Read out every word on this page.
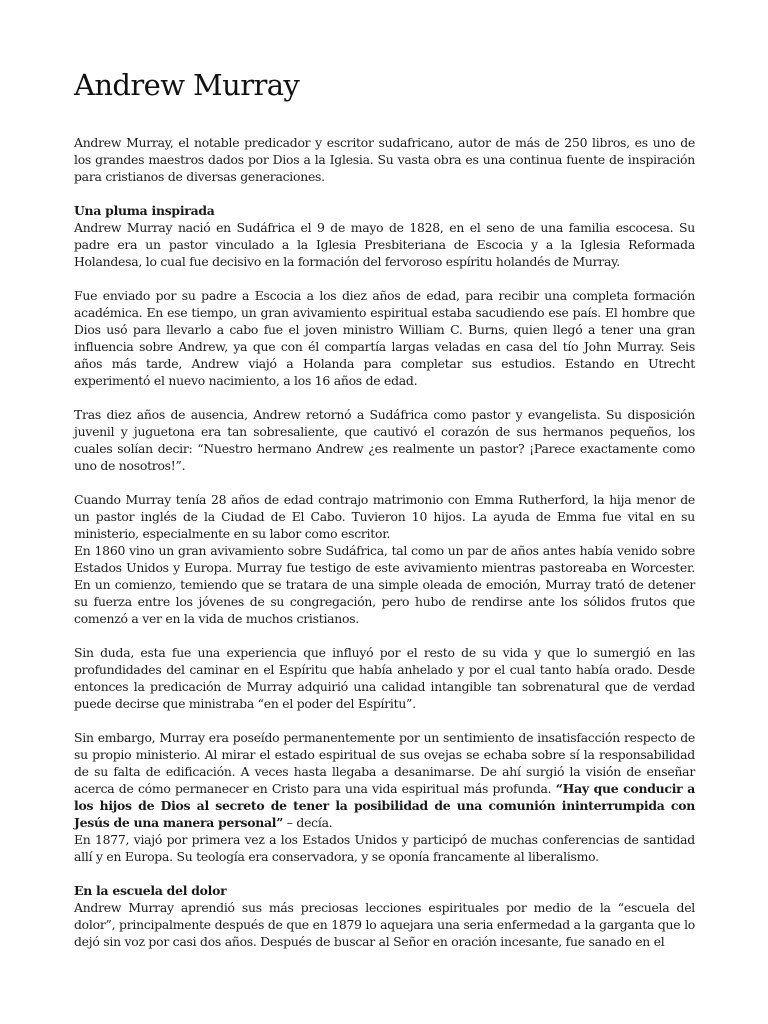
Andrew Murray

Andrew Murray, el notable predicador y escritor sudafricano, autor de más de 250 libros, es uno de los grandes maestros dados por Dios a la Iglesia. Su vasta obra es una continua fuente de inspiración para cristianos de diversas generaciones.

Una pluma inspirada

Andrew Murray nació en Sudáfrica el 9 de mayo de 1828, en el seno de una familia escocesa. Su padre era un pastor vinculado a la Iglesia Presbiteriana de Escocia y a la Iglesia Reformada Holandesa, lo cual fue decisivo en la formación del fervoroso espíritu holandés de Murray.

Fue enviado por su padre a Escocia a los diez años de edad, para recibir una completa formación académica. En ese tiempo, un gran avivamiento espiritual estaba sacudiendo ese país. El hombre que Dios usó para llevarlo a cabo fue el joven ministro William C. Burns, quien llegó a tener una gran influencia sobre Andrew, ya que con él compartía largas veladas en casa del tío John Murray. Seis años más tarde, Andrew viajó a Holanda para completar sus estudios. Estando en Utrecht experimentó el nuevo nacimiento, a los 16 años de edad.

Tras diez años de ausencia, Andrew retornó a Sudáfrica como pastor y evangelista. Su disposición juvenil y juguetona era tan sobresaliente, que cautivó el corazón de sus hermanos pequeños, los cuales solían decir: “Nuestro hermano Andrew ¿es realmente un pastor? ¡Parece exactamente como uno de nosotros!”.

Cuando Murray tenía 28 años de edad contrajo matrimonio con Emma Rutherford, la hija menor de un pastor inglés de la Ciudad de El Cabo. Tuvieron 10 hijos. La ayuda de Emma fue vital en su ministerio, especialmente en su labor como escritor.

En 1860 vino un gran avivamiento sobre Sudáfrica, tal como un par de años antes había venido sobre Estados Unidos y Europa. Murray fue testigo de este avivamiento mientras pastoreaba en Worcester. En un comienzo, temiendo que se tratara de una simple oleada de emoción, Murray trató de detener su fuerza entre los jóvenes de su congregación, pero hubo de rendirse ante los sólidos frutos que comenzó a ver en la vida de muchos cristianos.

Sin duda, esta fue una experiencia que influyó por el resto de su vida y que lo sumergió en las profundidades del caminar en el Espíritu que había anhelado y por el cual tanto había orado. Desde entonces la predicación de Murray adquirió una calidad intangible tan sobrenatural que de verdad puede decirse que ministraba “en el poder del Espíritu”.

Sin embargo, Murray era poseído permanentemente por un sentimiento de insatisfacción respecto de su propio ministerio. Al mirar el estado espiritual de sus ovejas se echaba sobre sí la responsabilidad de su falta de edificación. A veces hasta llegaba a desanimarse. De ahí surgió la visión de enseñar acerca de cómo permanecer en Cristo para una vida espiritual más profunda. “Hay que conducir a los hijos de Dios al secreto de tener la posibilidad de una comunión ininterrumpida con Jesús de una manera personal” – decía.

En 1877, viajó por primera vez a los Estados Unidos y participó de muchas conferencias de santidad allí y en Europa. Su teología era conservadora, y se oponía francamente al liberalismo.

En la escuela del dolor

Andrew Murray aprendió sus más preciosas lecciones espirituales por medio de la “escuela del dolor”, principalmente después de que en 1879 lo aquejara una seria enfermedad a la garganta que lo dejó sin voz por casi dos años. Después de buscar al Señor en oración incesante, fue sanado en el
